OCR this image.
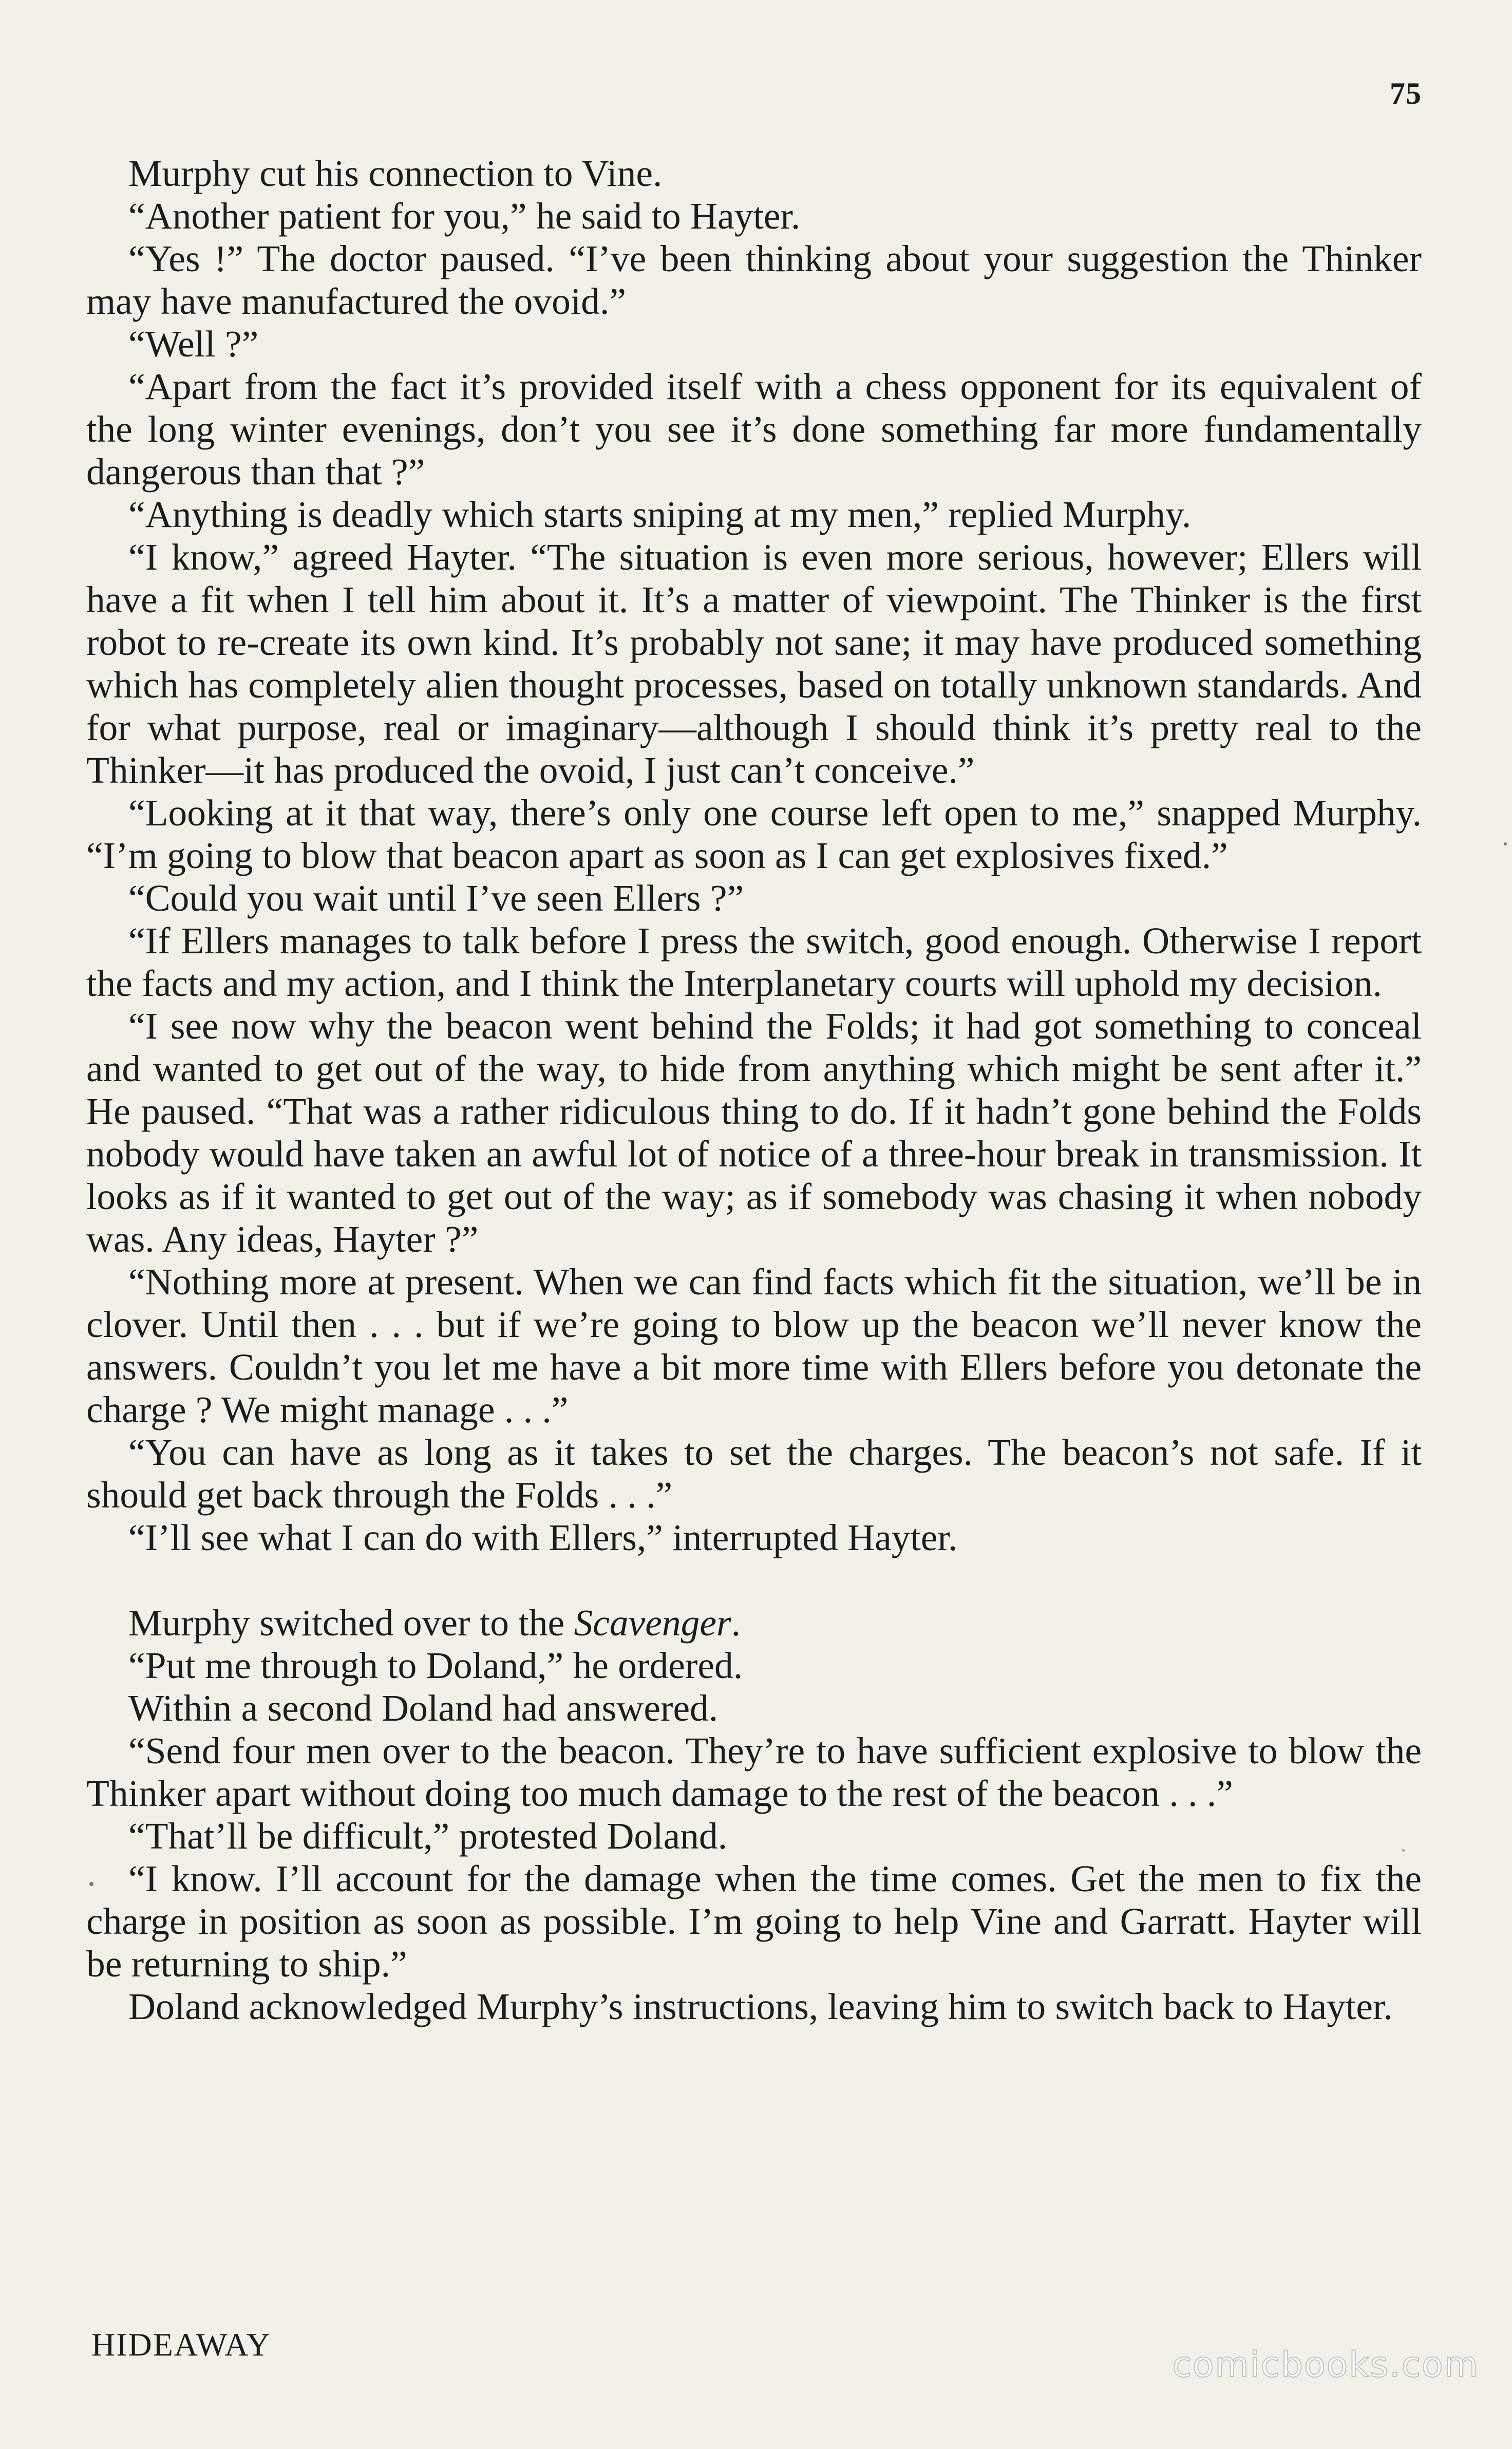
75

Murphy cut his connection to Vine.

“Another patient for you,” he said to Hayter.

“Yes !” The doctor paused. “I’ve been thinking about your suggestion the Thinker may have manufactured the ovoid.”

“Well ?”

“Apart from the fact it’s provided itself with a chess opponent for its equivalent of the long winter evenings, don’t you see it’s done something far more fundamentally dangerous than that ?”

“Anything is deadly which starts sniping at my men,” replied Murphy.

“I know,” agreed Hayter. “The situation is even more serious, however; Ellers will have a fit when I tell him about it. It’s a matter of viewpoint. The Thinker is the first robot to re-create its own kind. It’s probably not sane; it may have produced something which has completely alien thought processes, based on totally unknown standards. And for what purpose, real or imaginary—although I should think it’s pretty real to the Thinker—it has produced the ovoid, I just can’t conceive.”

“Looking at it that way, there’s only one course left open to me,” snapped Murphy. “I’m going to blow that beacon apart as soon as I can get explosives fixed.”

“Could you wait until I’ve seen Ellers ?”

“If Ellers manages to talk before I press the switch, good enough. Otherwise I report the facts and my action, and I think the Interplanetary courts will uphold my decision.

“I see now why the beacon went behind the Folds; it had got something to conceal and wanted to get out of the way, to hide from anything which might be sent after it.” He paused. “That was a rather ridiculous thing to do. If it hadn’t gone behind the Folds nobody would have taken an awful lot of notice of a three-hour break in transmission. It looks as if it wanted to get out of the way; as if somebody was chasing it when nobody was. Any ideas, Hayter ?”

“Nothing more at present. When we can find facts which fit the situation, we’ll be in clover. Until then . . . but if we’re going to blow up the beacon we’ll never know the answers. Couldn’t you let me have a bit more time with Ellers before you detonate the charge ? We might manage . . .”

“You can have as long as it takes to set the charges. The beacon’s not safe. If it should get back through the Folds . . .”

“I’ll see what I can do with Ellers,” interrupted Hayter.

Murphy switched over to the Scavenger.

“Put me through to Doland,” he ordered.

Within a second Doland had answered.

“Send four men over to the beacon. They’re to have sufficient explosive to blow the Thinker apart without doing too much damage to the rest of the beacon . . .”

“That’ll be difficult,” protested Doland.

“I know. I’ll account for the damage when the time comes. Get the men to fix the charge in position as soon as possible. I’m going to help Vine and Garratt. Hayter will be returning to ship.”

Doland acknowledged Murphy’s instructions, leaving him to switch back to Hayter.

HIDEAWAY
comicbooks.com
